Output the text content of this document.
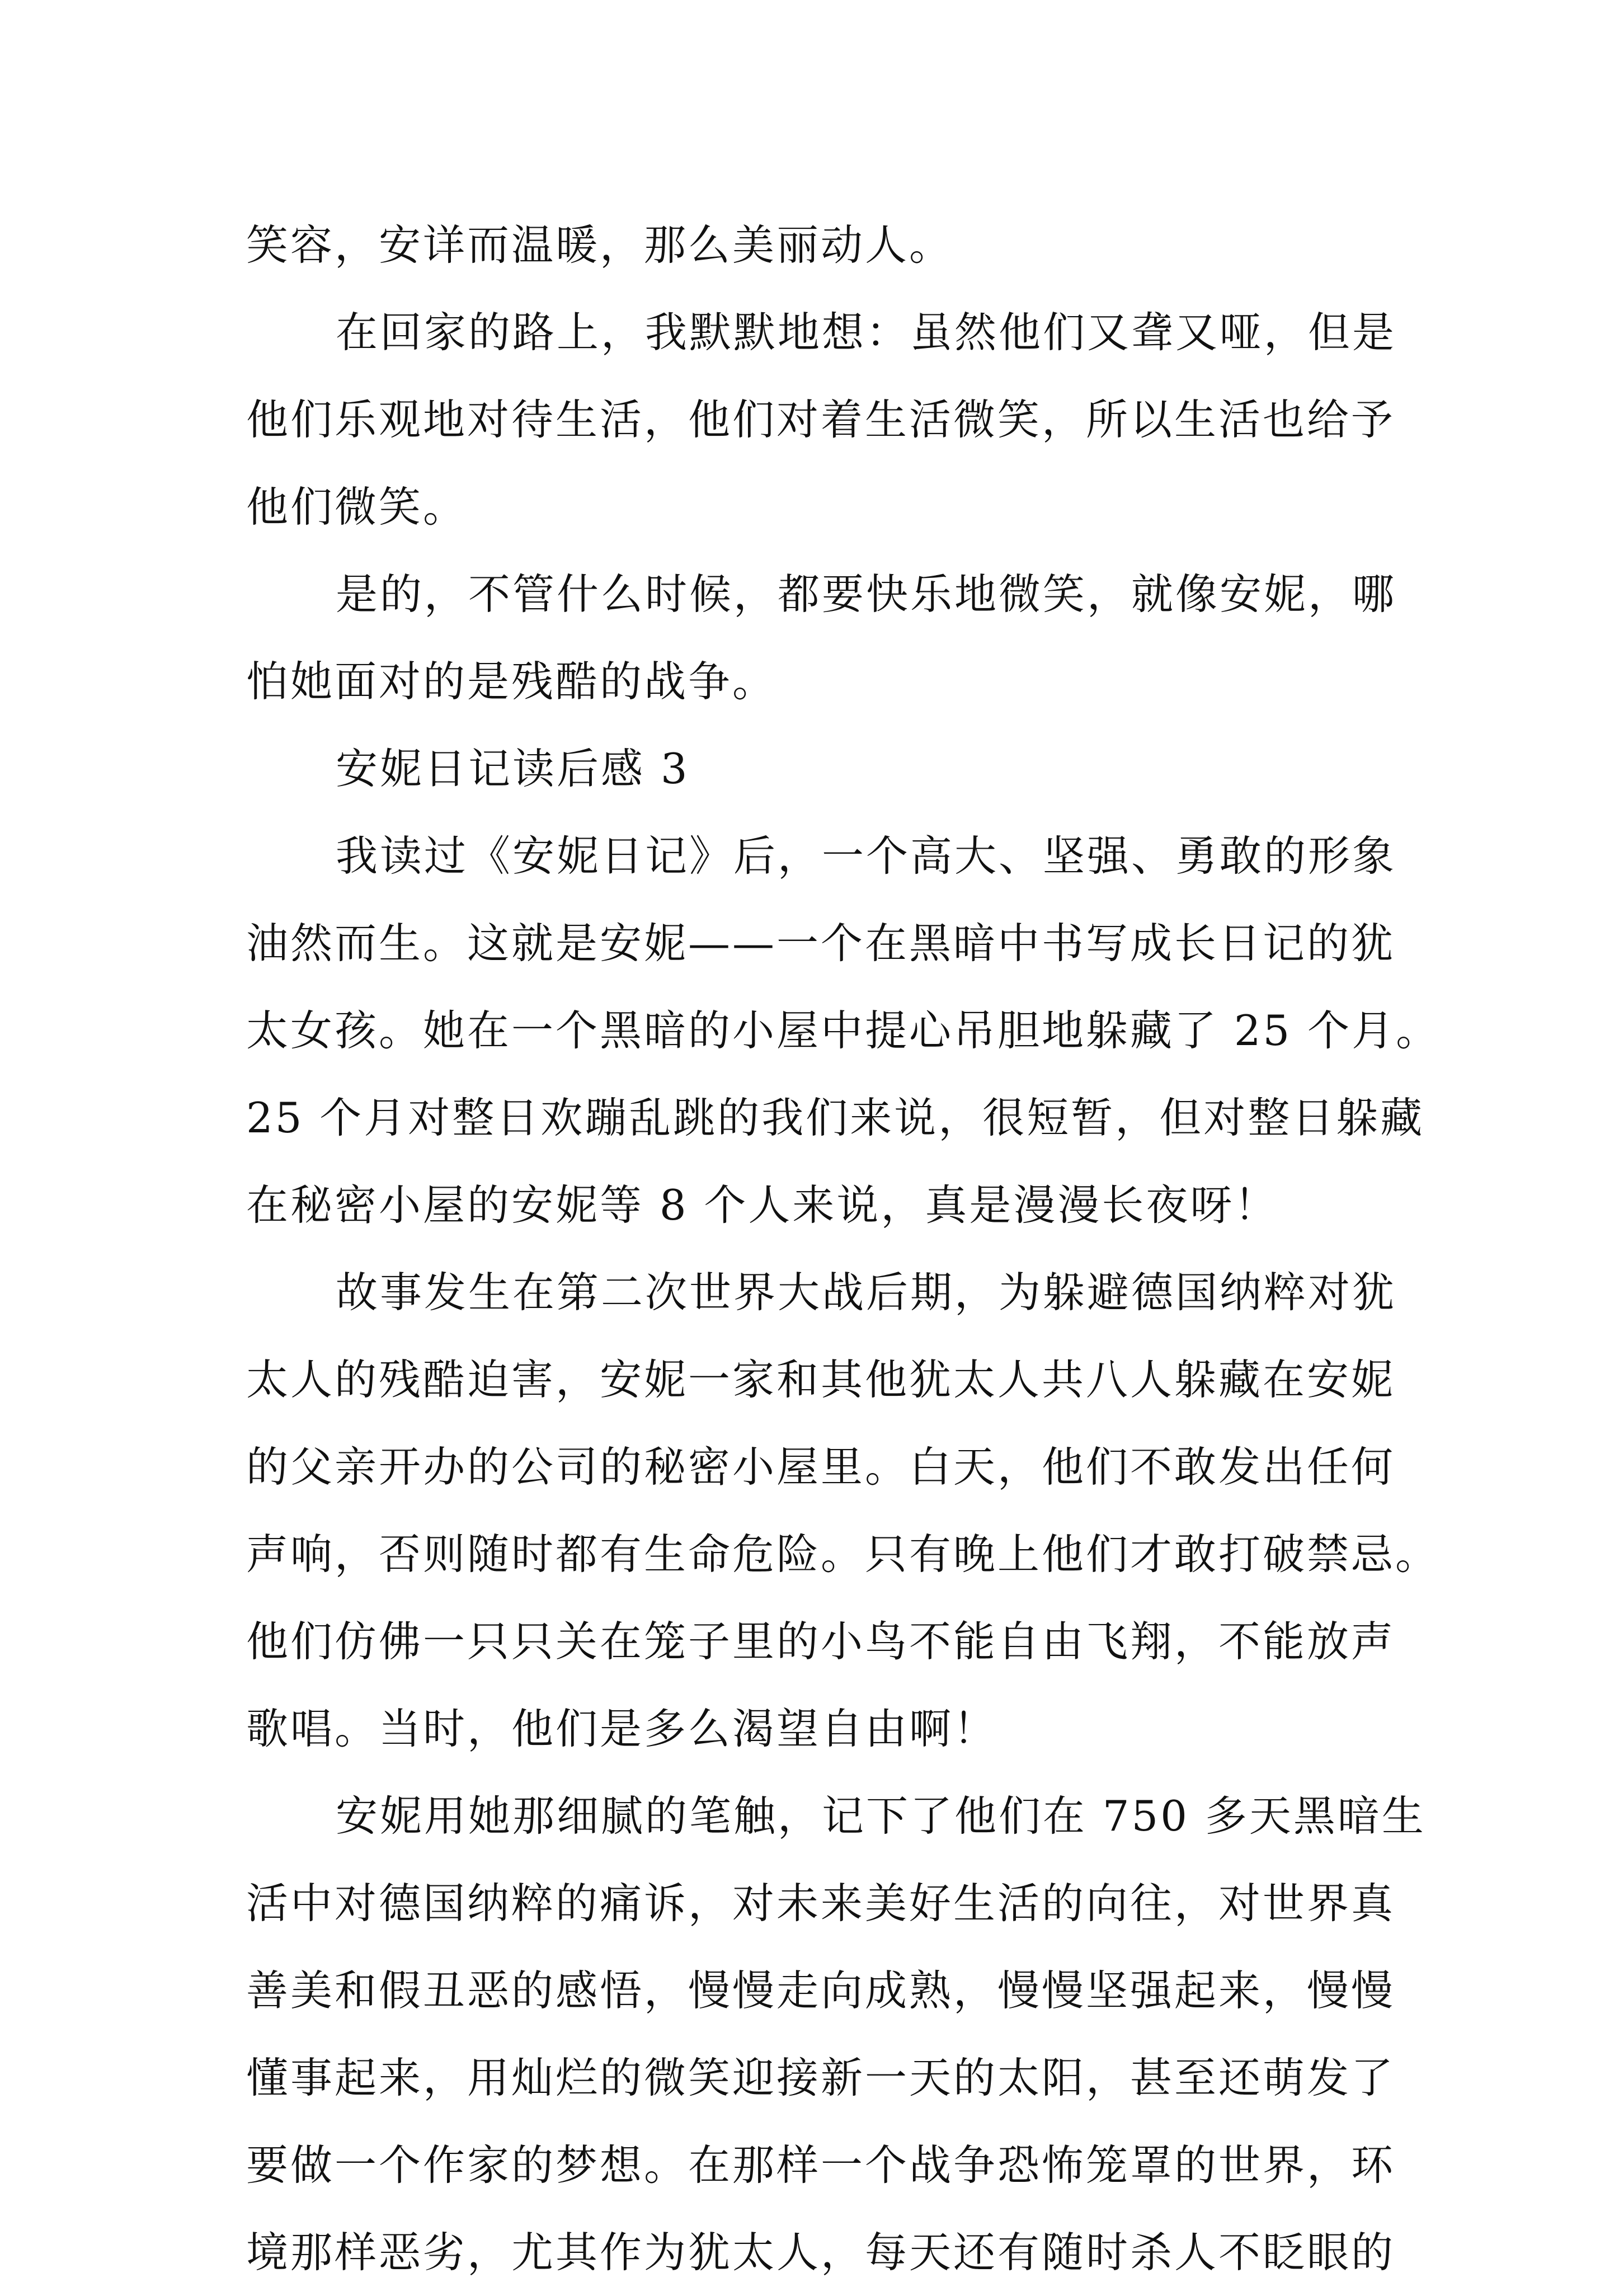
笑容，安详而温暖，那么美丽动人。
在回家的路上，我默默地想：虽然他们又聋又哑，但是
他们乐观地对待生活，他们对着生活微笑，所以生活也给予
他们微笑。
是的，不管什么时候，都要快乐地微笑，就像安妮，哪
怕她面对的是残酷的战争。
安妮日记读后感 3
我读过《安妮日记》后，一个高大、坚强、勇敢的形象
油然而生。这就是安妮——一个在黑暗中书写成长日记的犹
太女孩。她在一个黑暗的小屋中提心吊胆地躲藏了 25 个月。
25 个月对整日欢蹦乱跳的我们来说，很短暂，但对整日躲藏
在秘密小屋的安妮等 8 个人来说，真是漫漫长夜呀！
故事发生在第二次世界大战后期，为躲避德国纳粹对犹
太人的残酷迫害，安妮一家和其他犹太人共八人躲藏在安妮
的父亲开办的公司的秘密小屋里。白天，他们不敢发出任何
声响，否则随时都有生命危险。只有晚上他们才敢打破禁忌。
他们仿佛一只只关在笼子里的小鸟不能自由飞翔，不能放声
歌唱。当时，他们是多么渴望自由啊！
安妮用她那细腻的笔触，记下了他们在 750 多天黑暗生
活中对德国纳粹的痛诉，对未来美好生活的向往，对世界真
善美和假丑恶的感悟，慢慢走向成熟，慢慢坚强起来，慢慢
懂事起来，用灿烂的微笑迎接新一天的太阳，甚至还萌发了
要做一个作家的梦想。在那样一个战争恐怖笼罩的世界，环
境那样恶劣，尤其作为犹太人，每天还有随时杀人不眨眼的
